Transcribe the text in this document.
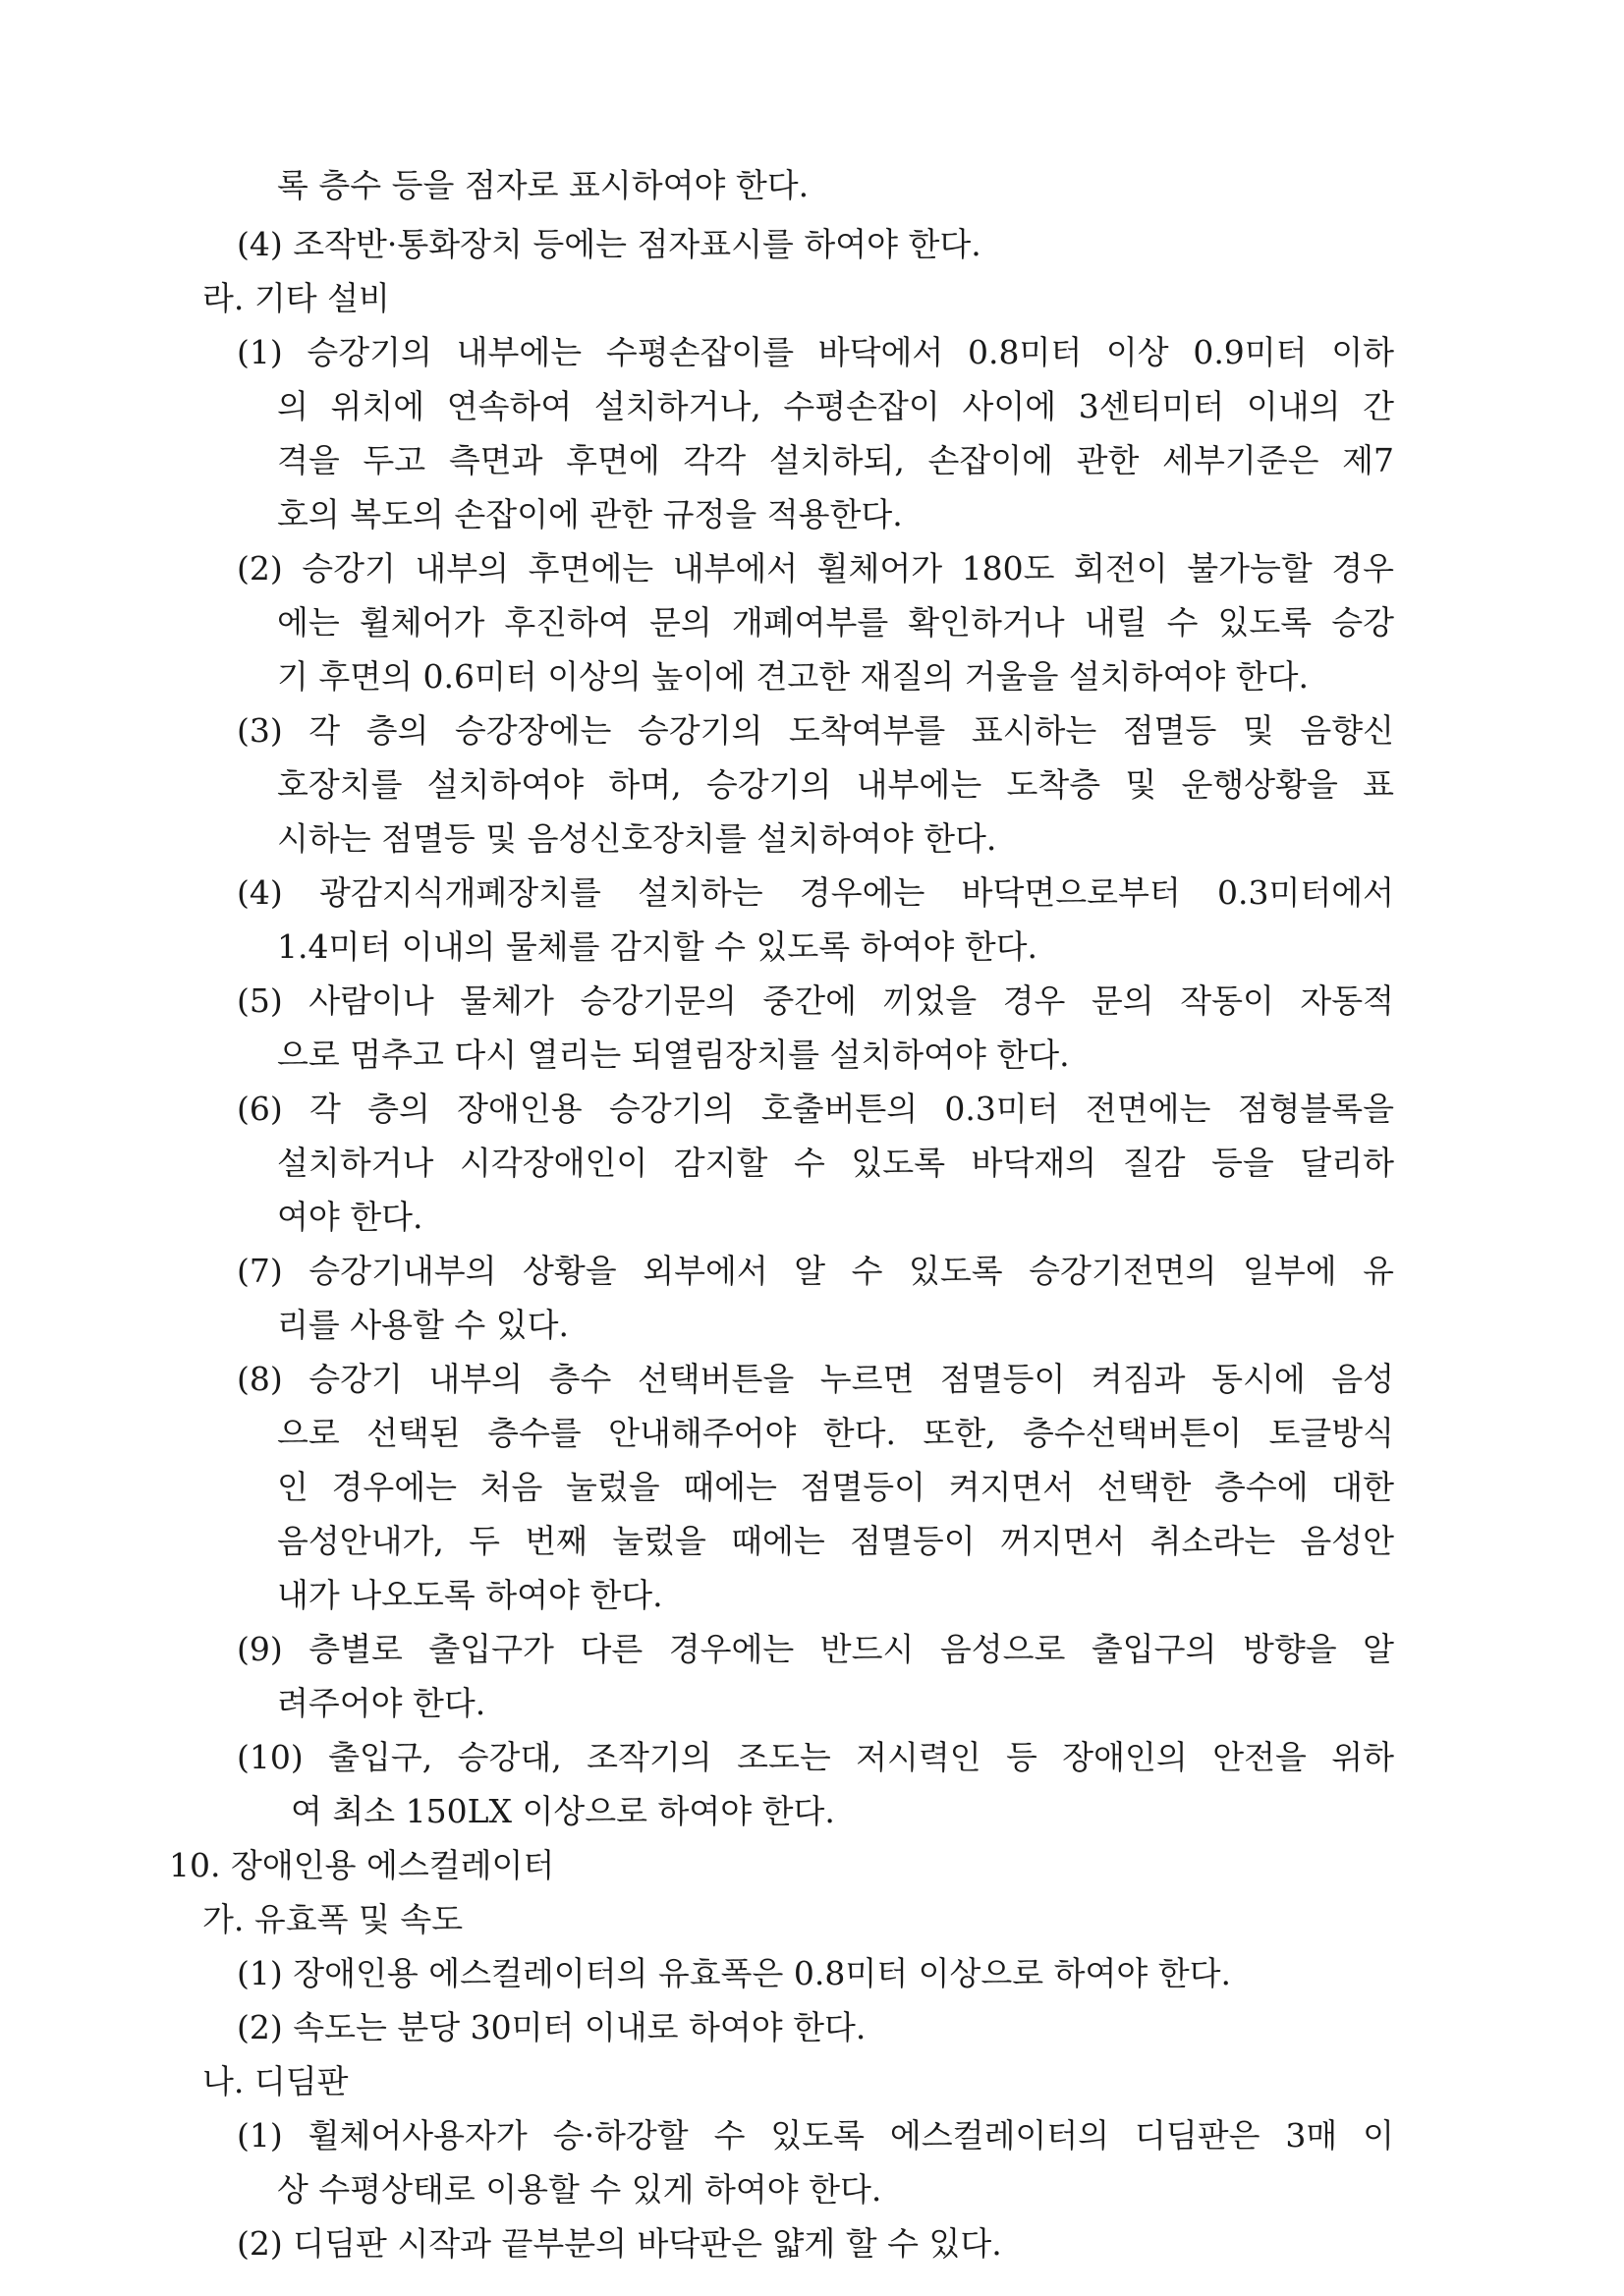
록 층수 등을 점자로 표시하여야 한다.
(4) 조작반·통화장치 등에는 점자표시를 하여야 한다.
라. 기타 설비
(1) 승강기의 내부에는 수평손잡이를 바닥에서 0.8미터 이상 0.9미터 이하
의 위치에 연속하여 설치하거나, 수평손잡이 사이에 3센티미터 이내의 간
격을 두고 측면과 후면에 각각 설치하되, 손잡이에 관한 세부기준은 제7
호의 복도의 손잡이에 관한 규정을 적용한다.
(2) 승강기 내부의 후면에는 내부에서 휠체어가 180도 회전이 불가능할 경우
에는 휠체어가 후진하여 문의 개폐여부를 확인하거나 내릴 수 있도록 승강
기 후면의 0.6미터 이상의 높이에 견고한 재질의 거울을 설치하여야 한다.
(3) 각 층의 승강장에는 승강기의 도착여부를 표시하는 점멸등 및 음향신
호장치를 설치하여야 하며, 승강기의 내부에는 도착층 및 운행상황을 표
시하는 점멸등 및 음성신호장치를 설치하여야 한다.
(4) 광감지식개폐장치를 설치하는 경우에는 바닥면으로부터 0.3미터에서
1.4미터 이내의 물체를 감지할 수 있도록 하여야 한다.
(5) 사람이나 물체가 승강기문의 중간에 끼었을 경우 문의 작동이 자동적
으로 멈추고 다시 열리는 되열림장치를 설치하여야 한다.
(6) 각 층의 장애인용 승강기의 호출버튼의 0.3미터 전면에는 점형블록을
설치하거나 시각장애인이 감지할 수 있도록 바닥재의 질감 등을 달리하
여야 한다.
(7) 승강기내부의 상황을 외부에서 알 수 있도록 승강기전면의 일부에 유
리를 사용할 수 있다.
(8) 승강기 내부의 층수 선택버튼을 누르면 점멸등이 켜짐과 동시에 음성
으로 선택된 층수를 안내해주어야 한다. 또한, 층수선택버튼이 토글방식
인 경우에는 처음 눌렀을 때에는 점멸등이 켜지면서 선택한 층수에 대한
음성안내가, 두 번째 눌렀을 때에는 점멸등이 꺼지면서 취소라는 음성안
내가 나오도록 하여야 한다.
(9) 층별로 출입구가 다른 경우에는 반드시 음성으로 출입구의 방향을 알
려주어야 한다.
(10) 출입구, 승강대, 조작기의 조도는 저시력인 등 장애인의 안전을 위하
여 최소 150LX 이상으로 하여야 한다.
10. 장애인용 에스컬레이터
가. 유효폭 및 속도
(1) 장애인용 에스컬레이터의 유효폭은 0.8미터 이상으로 하여야 한다.
(2) 속도는 분당 30미터 이내로 하여야 한다.
나. 디딤판
(1) 휠체어사용자가 승·하강할 수 있도록 에스컬레이터의 디딤판은 3매 이
상 수평상태로 이용할 수 있게 하여야 한다.
(2) 디딤판 시작과 끝부분의 바닥판은 얇게 할 수 있다.
